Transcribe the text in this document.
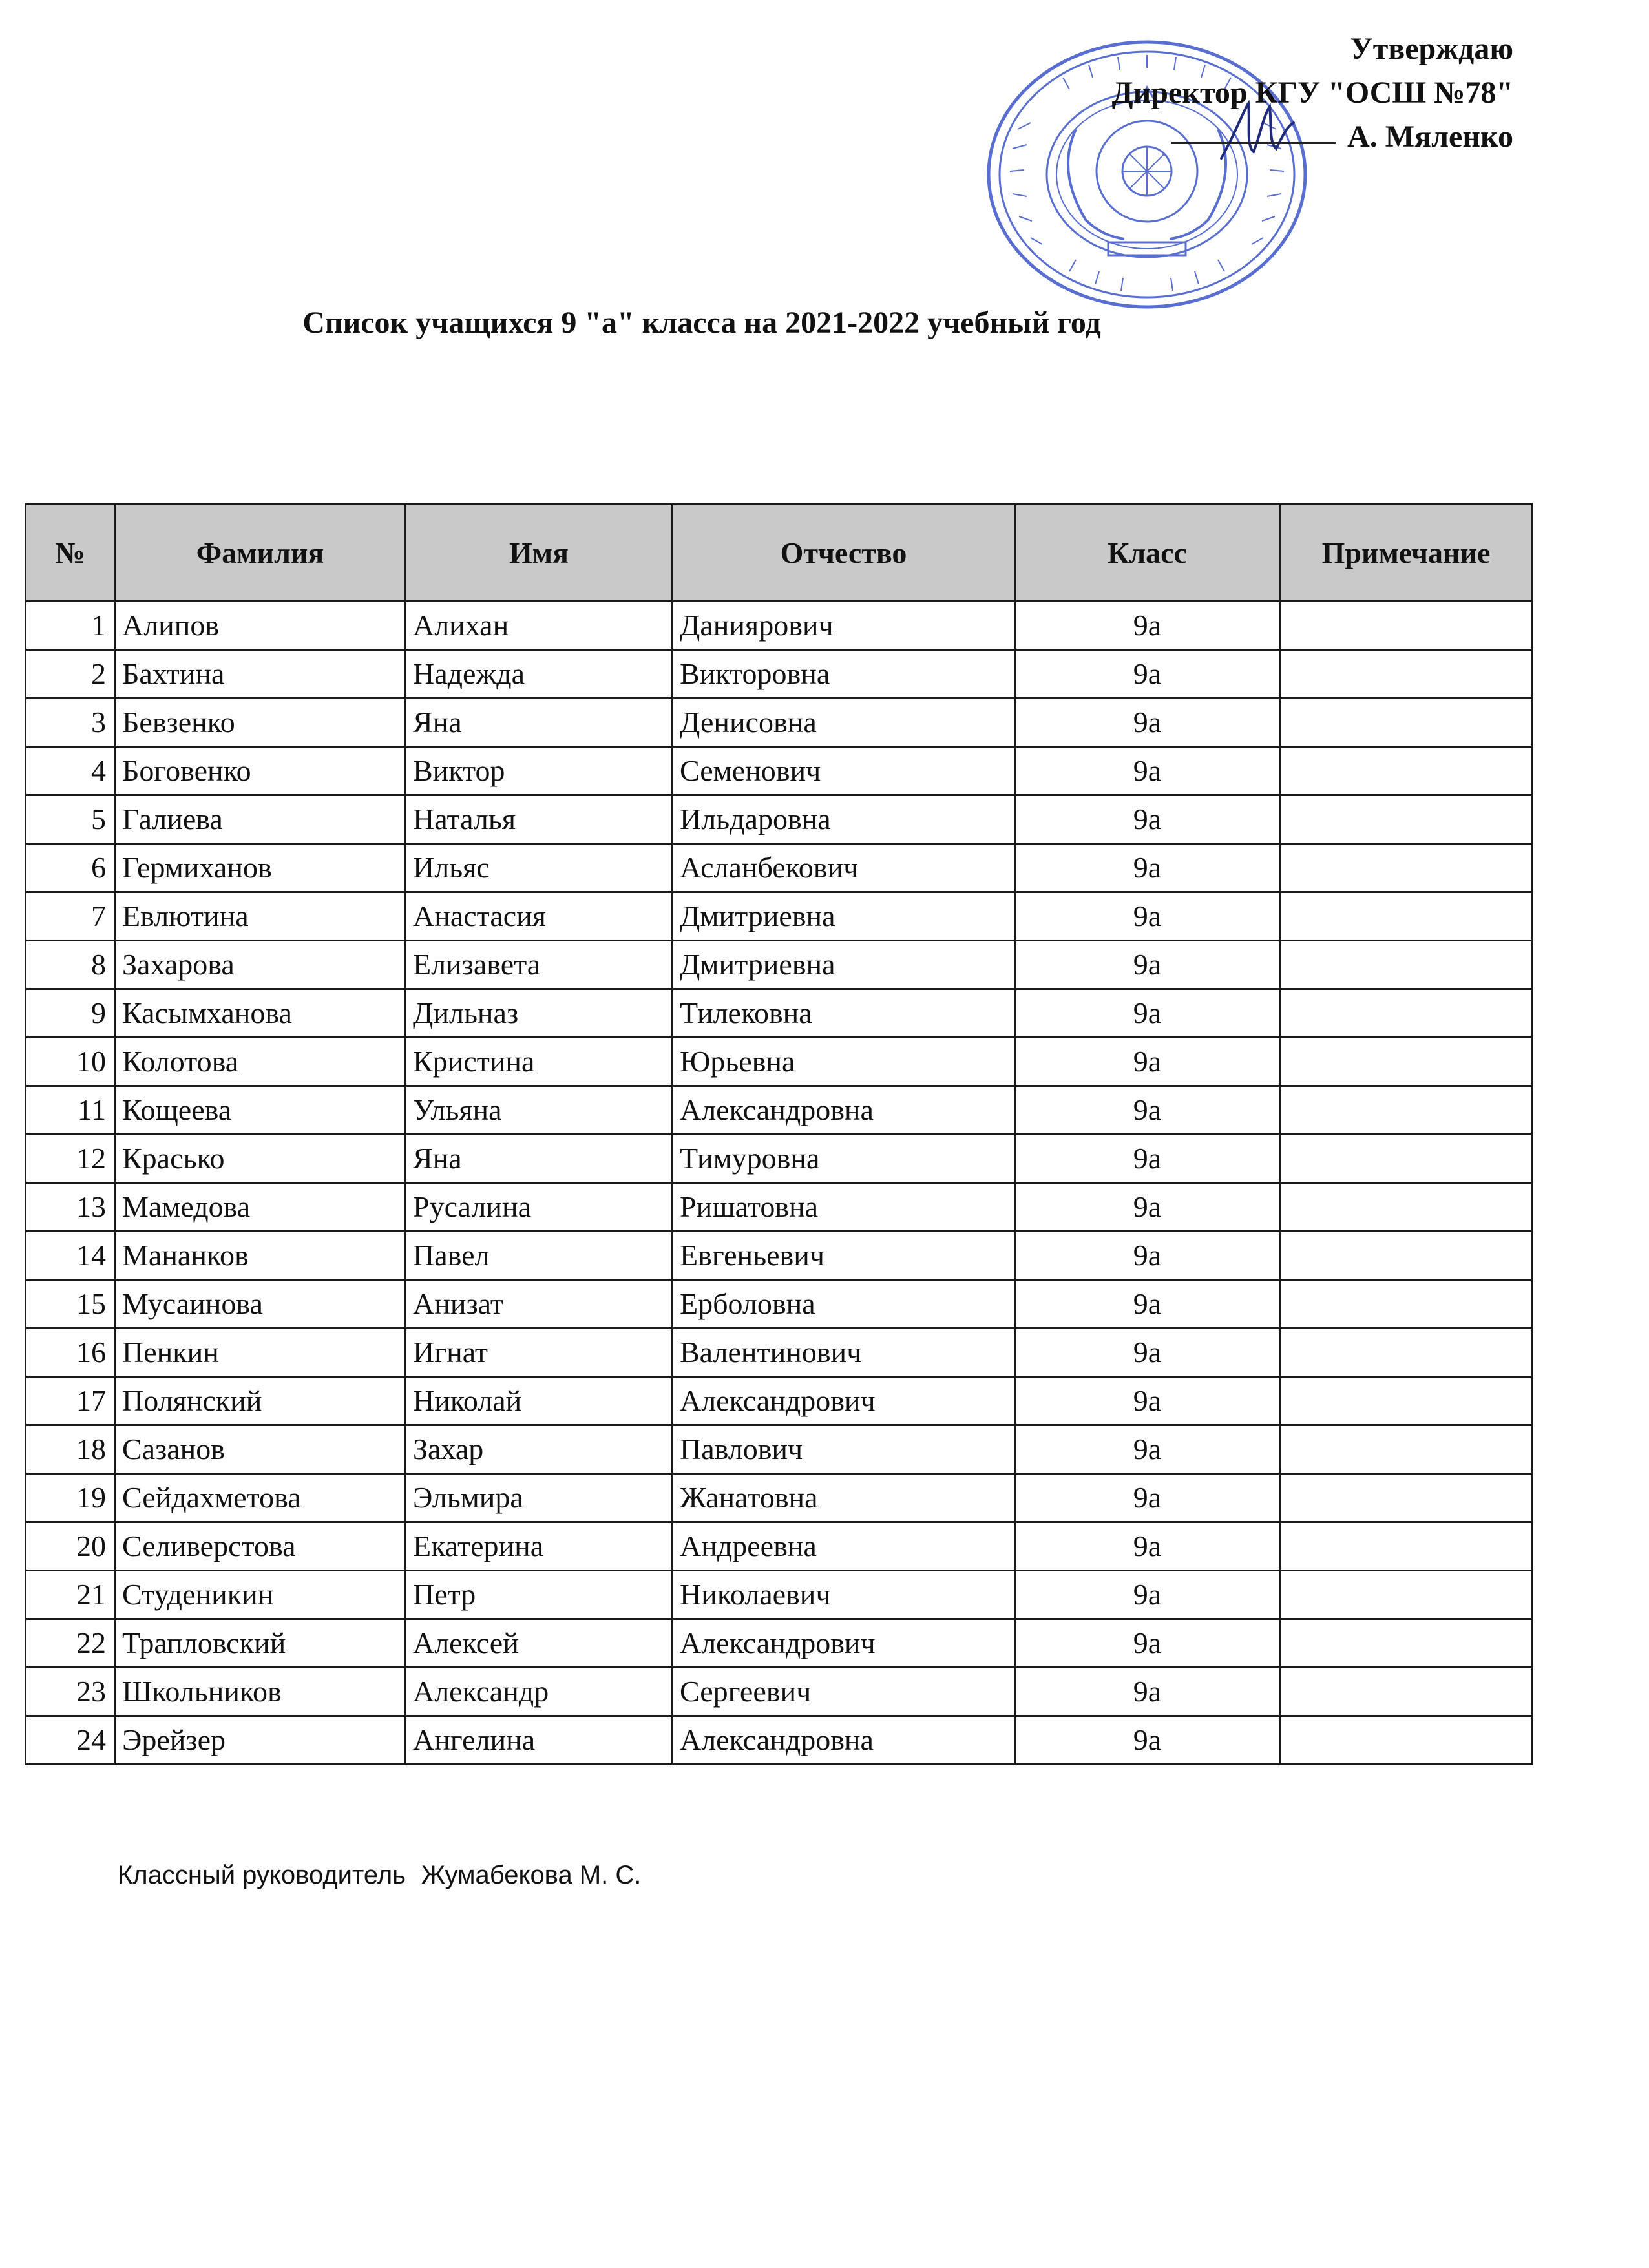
Утверждаю
Директор КГУ "ОСШ №78"
А. Мяленко
Список учащихся 9 "а" класса на 2021-2022 учебный год
№	Фамилия	Имя	Отчество	Класс	Примечание
1	Алипов	Алихан	Даниярович	9а	
2	Бахтина	Надежда	Викторовна	9а	
3	Бевзенко	Яна	Денисовна	9а	
4	Боговенко	Виктор	Семенович	9а	
5	Галиева	Наталья	Ильдаровна	9а	
6	Гермиханов	Ильяс	Асланбекович	9а	
7	Евлютина	Анастасия	Дмитриевна	9а	
8	Захарова	Елизавета	Дмитриевна	9а	
9	Касымханова	Дильназ	Тилековна	9а	
10	Колотова	Кристина	Юрьевна	9а	
11	Кощеева	Ульяна	Александровна	9а	
12	Красько	Яна	Тимуровна	9а	
13	Мамедова	Русалина	Ришатовна	9а	
14	Мананков	Павел	Евгеньевич	9а	
15	Мусаинова	Анизат	Ерболовна	9а	
16	Пенкин	Игнат	Валентинович	9а	
17	Полянский	Николай	Александрович	9а	
18	Сазанов	Захар	Павлович	9а	
19	Сейдахметова	Эльмира	Жанатовна	9а	
20	Селиверстова	Екатерина	Андреевна	9а	
21	Студеникин	Петр	Николаевич	9а	
22	Трапловский	Алексей	Александрович	9а	
23	Школьников	Александр	Сергеевич	9а	
24	Эрейзер	Ангелина	Александровна	9а	
Классный руководитель Жумабекова М. С.
